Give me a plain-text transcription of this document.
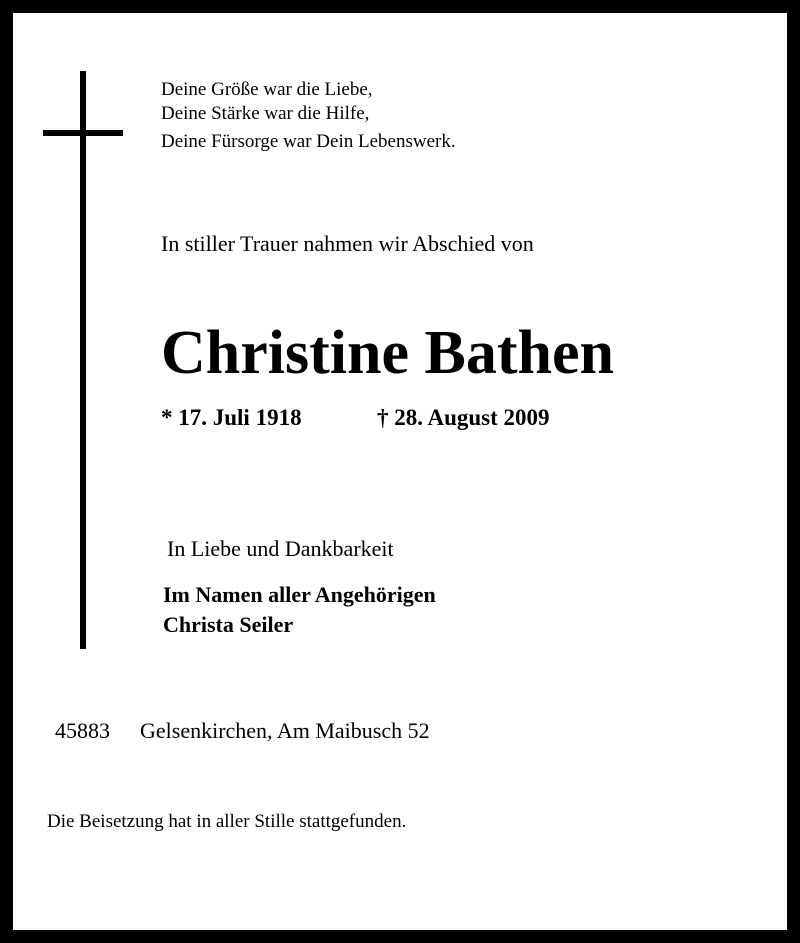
Deine Größe war die Liebe,
Deine Stärke war die Hilfe,
Deine Fürsorge war Dein Lebenswerk.
In stiller Trauer nahmen wir Abschied von
Christine Bathen
* 17. Juli 1918	† 28. August 2009
In Liebe und Dankbarkeit
Im Namen aller Angehörigen
Christa Seiler
45883 Gelsenkirchen, Am Maibusch 52
Die Beisetzung hat in aller Stille stattgefunden.
